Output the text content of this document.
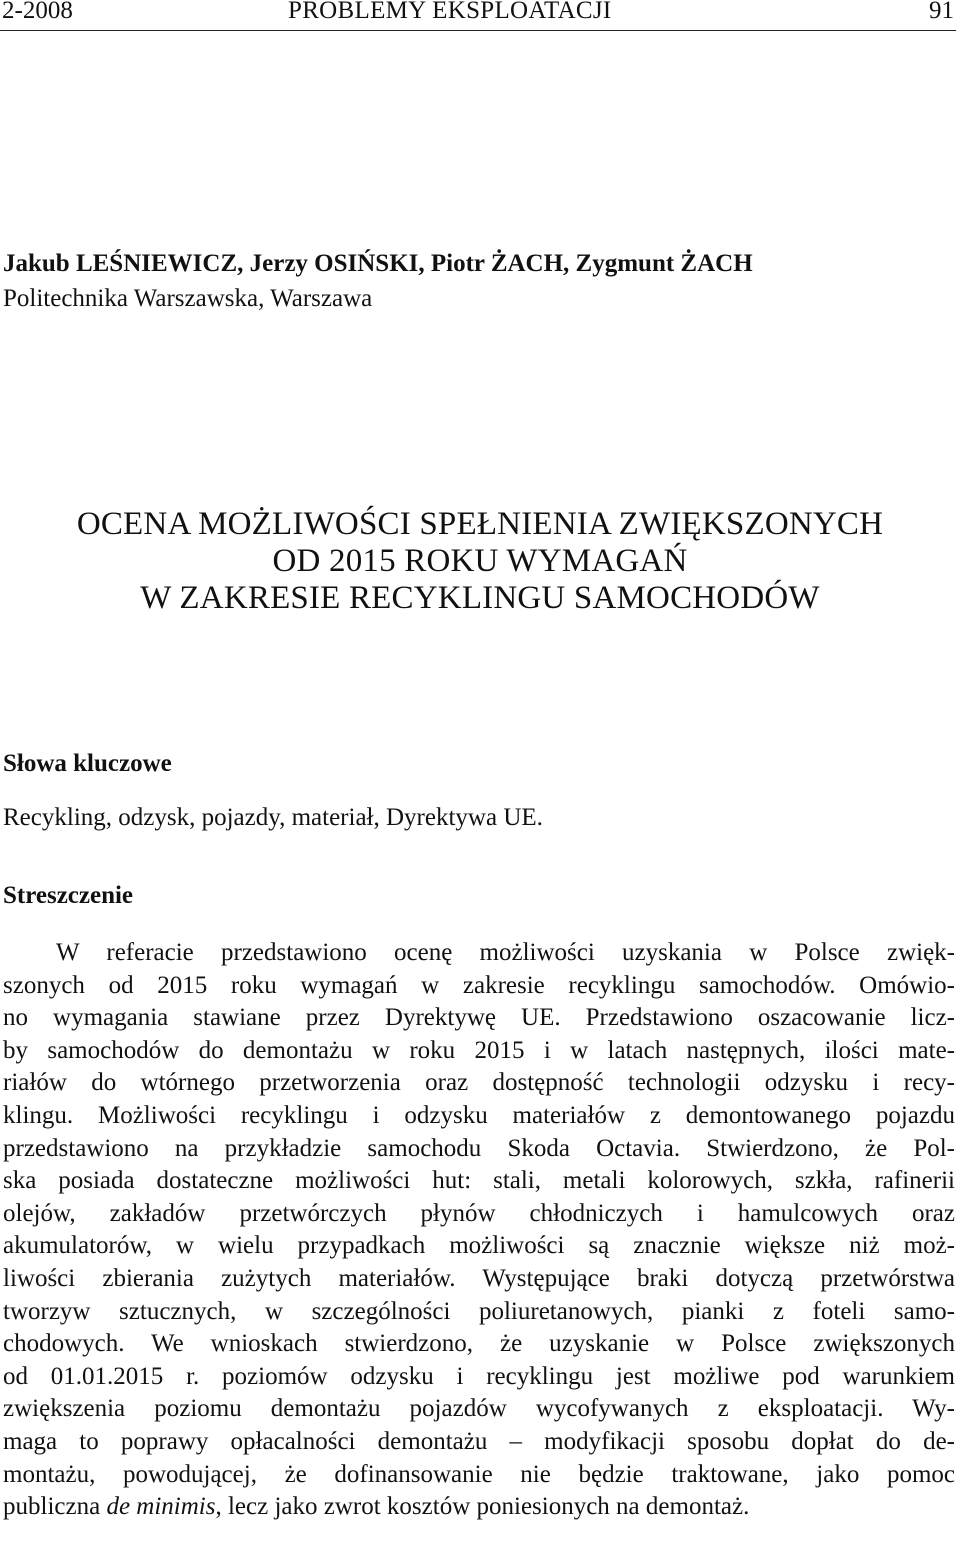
2-2008	PROBLEMY EKSPLOATACJI	91
Jakub LEŚNIEWICZ, Jerzy OSIŃSKI, Piotr ŻACH, Zygmunt ŻACH
Politechnika Warszawska, Warszawa
OCENA MOŻLIWOŚCI SPEŁNIENIA ZWIĘKSZONYCH
OD 2015 ROKU WYMAGAŃ
W ZAKRESIE RECYKLINGU SAMOCHODÓW
Słowa kluczowe
Recykling, odzysk, pojazdy, materiał, Dyrektywa UE.
Streszczenie
W referacie przedstawiono ocenę możliwości uzyskania w Polsce zwięk-
szonych od 2015 roku wymagań w zakresie recyklingu samochodów. Omówio-
no wymagania stawiane przez Dyrektywę UE. Przedstawiono oszacowanie licz-
by samochodów do demontażu w roku 2015 i w latach następnych, ilości mate-
riałów do wtórnego przetworzenia oraz dostępność technologii odzysku i recy-
klingu. Możliwości recyklingu i odzysku materiałów z demontowanego pojazdu
przedstawiono na przykładzie samochodu Skoda Octavia. Stwierdzono, że Pol-
ska posiada dostateczne możliwości hut: stali, metali kolorowych, szkła, rafinerii
olejów, zakładów przetwórczych płynów chłodniczych i hamulcowych oraz
akumulatorów, w wielu przypadkach możliwości są znacznie większe niż moż-
liwości zbierania zużytych materiałów. Występujące braki dotyczą przetwórstwa
tworzyw sztucznych, w szczególności poliuretanowych, pianki z foteli samo-
chodowych. We wnioskach stwierdzono, że uzyskanie w Polsce zwiększonych
od 01.01.2015 r. poziomów odzysku i recyklingu jest możliwe pod warunkiem
zwiększenia poziomu demontażu pojazdów wycofywanych z eksploatacji. Wy-
maga to poprawy opłacalności demontażu – modyfikacji sposobu dopłat do de-
montażu, powodującej, że dofinansowanie nie będzie traktowane, jako pomoc
publiczna de minimis, lecz jako zwrot kosztów poniesionych na demontaż.
